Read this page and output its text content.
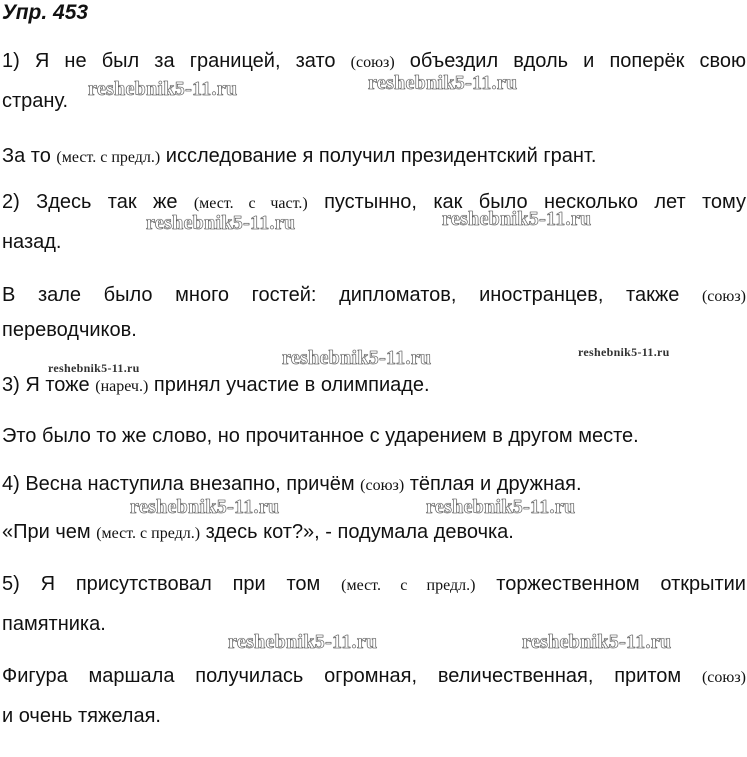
Упр. 453
1) Я не был за границей, зато (союз) объездил вдоль и поперёк свою
страну.
За то (мест. с предл.) исследование я получил президентский грант.
2) Здесь так же (мест. с част.) пустынно, как было несколько лет тому
назад.
В зале было много гостей: дипломатов, иностранцев, также (союз)
переводчиков.
3) Я тоже (нареч.) принял участие в олимпиаде.
Это было то же слово, но прочитанное с ударением в другом месте.
4) Весна наступила внезапно, причём (союз) тёплая и дружная.
«При чем (мест. с предл.) здесь кот?», - подумала девочка.
5) Я присутствовал при том (мест. с предл.) торжественном открытии
памятника.
Фигура маршала получилась огромная, величественная, притом (союз)
и очень тяжелая.
reshebnik5-11.ru	reshebnik5-11.ru
reshebnik5-11.ru	reshebnik5-11.ru
reshebnik5-11.ru	reshebnik5-11.ru	reshebnik5-11.ru
reshebnik5-11.ru	reshebnik5-11.ru
reshebnik5-11.ru	reshebnik5-11.ru
